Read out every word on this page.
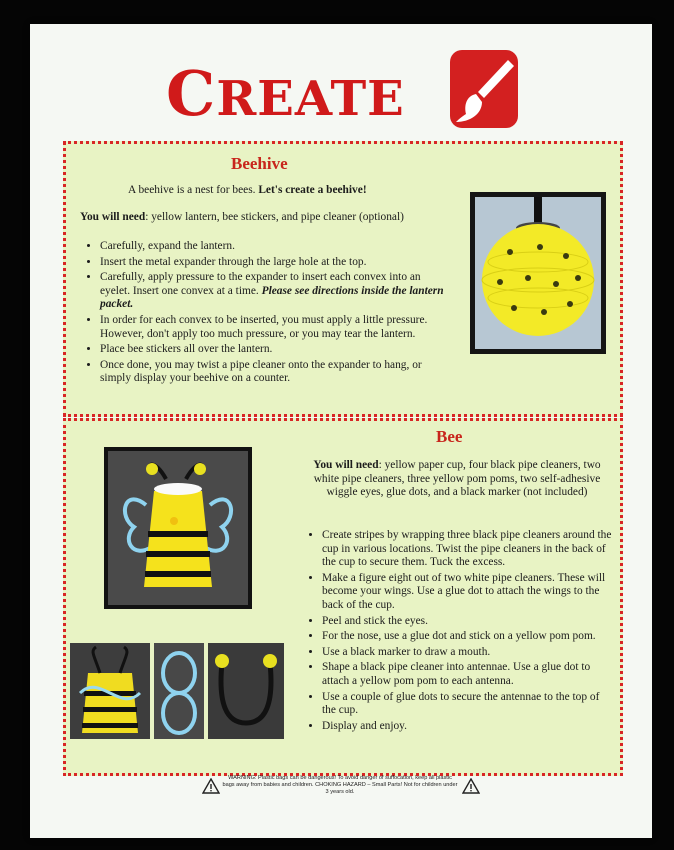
CREATE
Beehive
A beehive is a nest for bees. Let's create a beehive!
You will need: yellow lantern, bee stickers, and pipe cleaner (optional)
• Carefully, expand the lantern.
• Insert the metal expander through the large hole at the top.
• Carefully, apply pressure to the expander to insert each convex into an eyelet. Insert one convex at a time. Please see directions inside the lantern packet.
• In order for each convex to be inserted, you must apply a little pressure. However, don't apply too much pressure, or you may tear the lantern.
• Place bee stickers all over the lantern.
• Once done, you may twist a pipe cleaner onto the expander to hang, or simply display your beehive on a counter.
Bee
You will need: yellow paper cup, four black pipe cleaners, two white pipe cleaners, three yellow pom poms, two self-adhesive wiggle eyes, glue dots, and a black marker (not included)
• Create stripes by wrapping three black pipe cleaners around the cup in various locations. Twist the pipe cleaners in the back of the cup to secure them. Tuck the excess.
• Make a figure eight out of two white pipe cleaners. These will become your wings. Use a glue dot to attach the wings to the back of the cup.
• Peel and stick the eyes.
• For the nose, use a glue dot and stick on a yellow pom pom.
• Use a black marker to draw a mouth.
• Shape a black pipe cleaner into antennae. Use a glue dot to attach a yellow pom pom to each antenna.
• Use a couple of glue dots to secure the antennae to the top of the cup.
• Display and enjoy.
WARNING: Plastic bags can be dangerous! To avoid danger of suffocation, keep all plastic bags away from babies and children. CHOKING HAZARD – Small Parts! Not for children under 3 years old.
